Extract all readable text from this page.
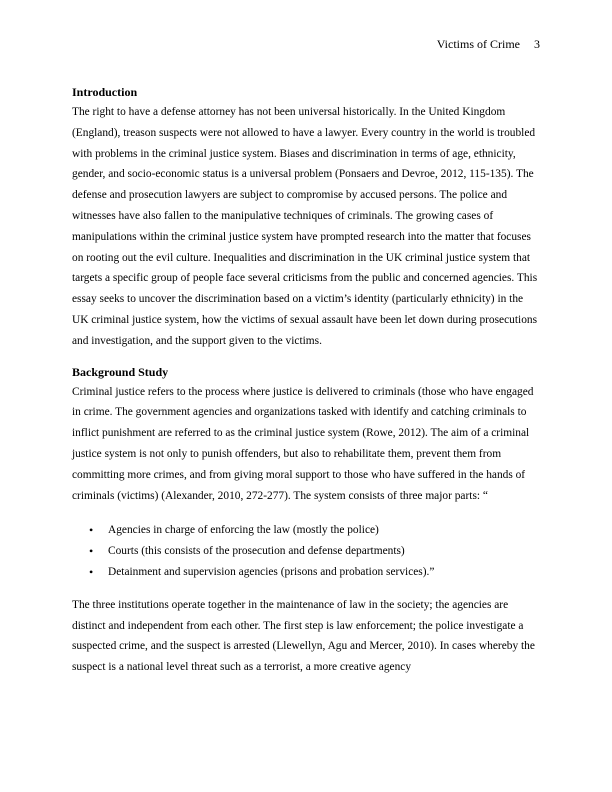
Victims of Crime 3
Introduction

The right to have a defense attorney has not been universal historically. In the United Kingdom (England), treason suspects were not allowed to have a lawyer. Every country in the world is troubled with problems in the criminal justice system. Biases and discrimination in terms of age, ethnicity, gender, and socio-economic status is a universal problem (Ponsaers and Devroe, 2012, 115-135). The defense and prosecution lawyers are subject to compromise by accused persons. The police and witnesses have also fallen to the manipulative techniques of criminals. The growing cases of manipulations within the criminal justice system have prompted research into the matter that focuses on rooting out the evil culture. Inequalities and discrimination in the UK criminal justice system that targets a specific group of people face several criticisms from the public and concerned agencies. This essay seeks to uncover the discrimination based on a victim’s identity (particularly ethnicity) in the UK criminal justice system, how the victims of sexual assault have been let down during prosecutions and investigation, and the support given to the victims.

Background Study

Criminal justice refers to the process where justice is delivered to criminals (those who have engaged in crime. The government agencies and organizations tasked with identify and catching criminals to inflict punishment are referred to as the criminal justice system (Rowe, 2012). The aim of a criminal justice system is not only to punish offenders, but also to rehabilitate them, prevent them from committing more crimes, and from giving moral support to those who have suffered in the hands of criminals (victims) (Alexander, 2010, 272-277). The system consists of three major parts: “

• Agencies in charge of enforcing the law (mostly the police)
• Courts (this consists of the prosecution and defense departments)
• Detainment and supervision agencies (prisons and probation services).”

The three institutions operate together in the maintenance of law in the society; the agencies are distinct and independent from each other. The first step is law enforcement; the police investigate a suspected crime, and the suspect is arrested (Llewellyn, Agu and Mercer, 2010). In cases whereby the suspect is a national level threat such as a terrorist, a more creative agency
